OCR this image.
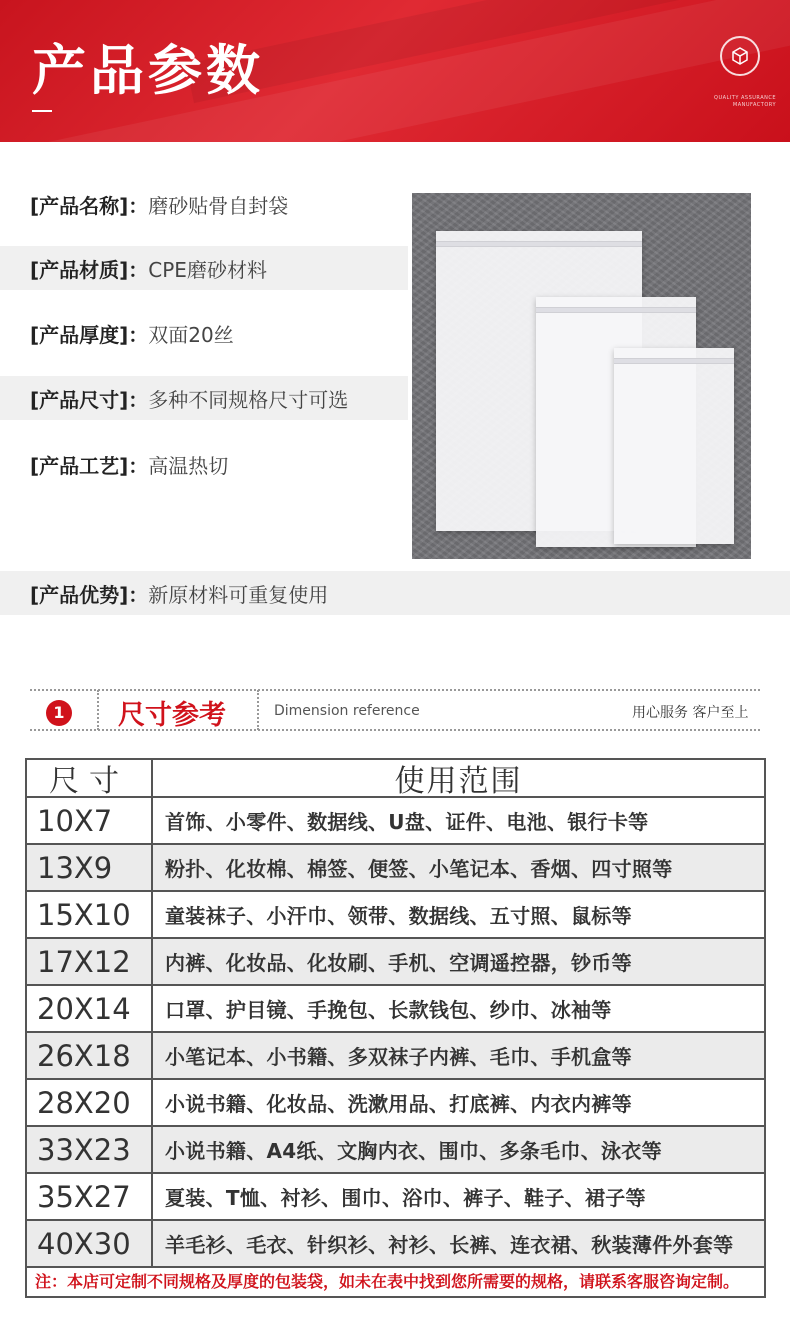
产品参数	QUALITY ASSURANCE MANUFACTORY
[产品名称]： 磨砂贴骨自封袋
[产品材质]： CPE磨砂材料
[产品厚度]： 双面20丝
[产品尺寸]： 多种不同规格尺寸可选
[产品工艺]： 高温热切
[产品优势]： 新原材料可重复使用
1 尺寸参考	Dimension reference	用心服务 客户至上
尺寸	使用范围
10X7	首饰、小零件、数据线、U盘、证件、电池、银行卡等
13X9	粉扑、化妆棉、棉签、便签、小笔记本、香烟、四寸照等
15X10	童装袜子、小汗巾、领带、数据线、五寸照、鼠标等
17X12	内裤、化妆品、化妆刷、手机、空调遥控器，钞币等
20X14	口罩、护目镜、手挽包、长款钱包、纱巾、冰袖等
26X18	小笔记本、小书籍、多双袜子内裤、毛巾、手机盒等
28X20	小说书籍、化妆品、洗漱用品、打底裤、内衣内裤等
33X23	小说书籍、A4纸、文胸内衣、围巾、多条毛巾、泳衣等
35X27	夏装、T恤、衬衫、围巾、浴巾、裤子、鞋子、裙子等
40X30	羊毛衫、毛衣、针织衫、衬衫、长裤、连衣裙、秋装薄件外套等
注：本店可定制不同规格及厚度的包装袋，如未在表中找到您所需要的规格，请联系客服咨询定制。
